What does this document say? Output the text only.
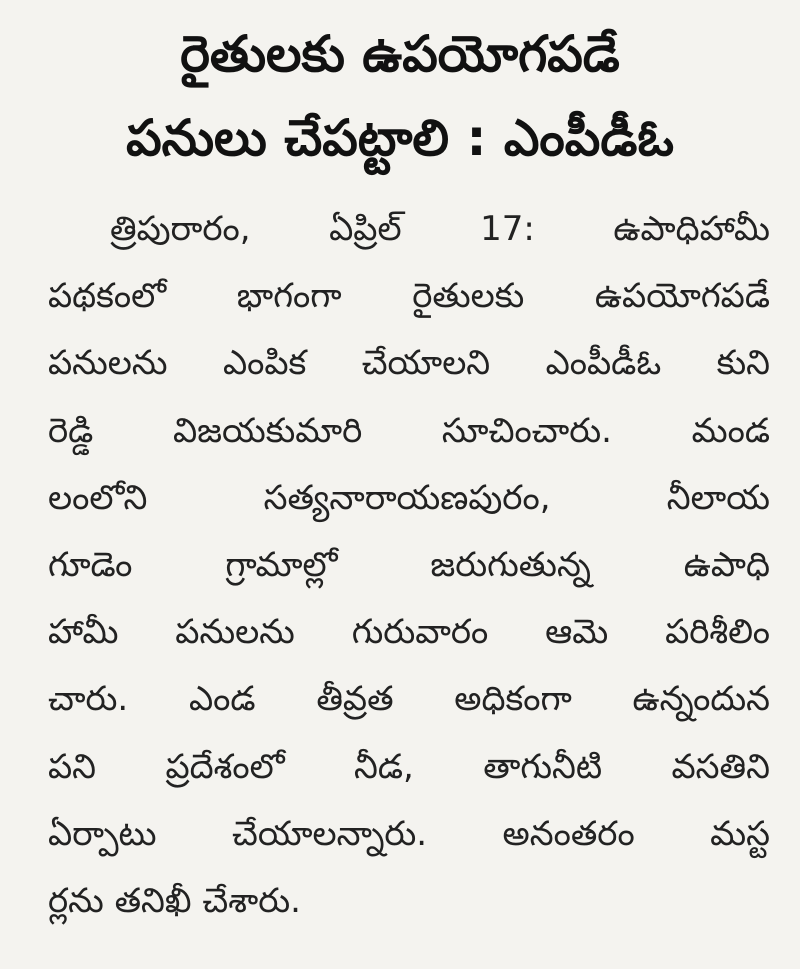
రైతులకు ఉపయోగపడే
పనులు చేపట్టాలి : ఎంపీడీఓ
త్రిపురారం, ఏప్రిల్ 17: ఉపాధిహామీ
పథకంలో భాగంగా రైతులకు ఉపయోగపడే
పనులను ఎంపిక చేయాలని ఎంపీడీఓ కుని
రెడ్డి విజయకుమారి సూచించారు. మండ
లంలోని సత్యనారాయణపురం, నీలాయ
గూడెం గ్రామాల్లో జరుగుతున్న ఉపాధి
హామీ పనులను గురువారం ఆమె పరిశీలిం
చారు. ఎండ తీవ్రత అధికంగా ఉన్నందున
పని ప్రదేశంలో నీడ, తాగునీటి వసతిని
ఏర్పాటు చేయాలన్నారు. అనంతరం మస్ట
ర్లను తనిఖీ చేశారు.
